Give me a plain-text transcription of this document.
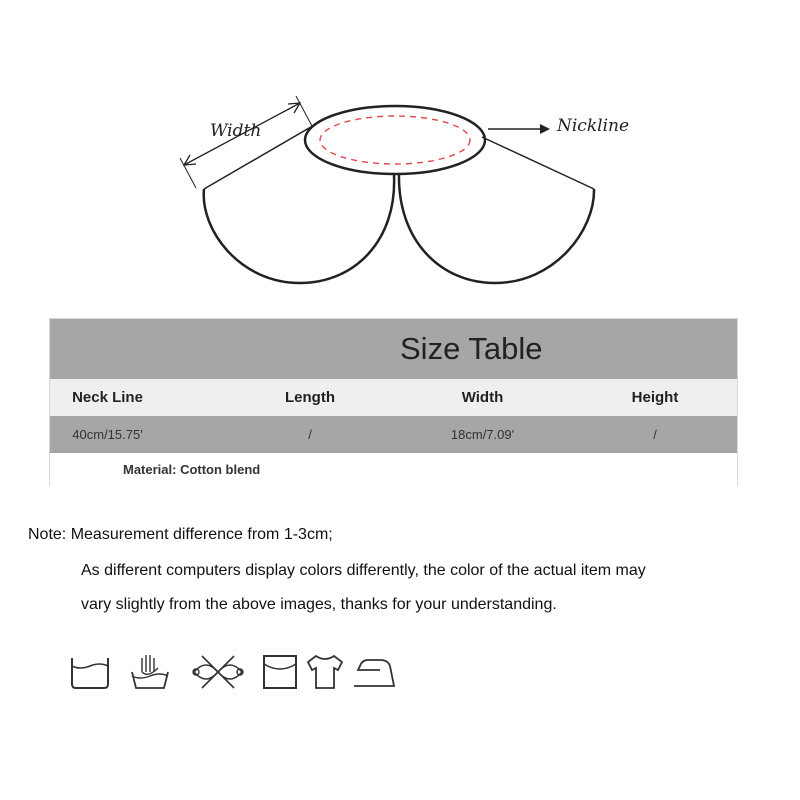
Width	Nickline
Size Table
Neck Line	Length	Width	Height
40cm/15.75'	/	18cm/7.09'	/
Material: Cotton blend
Note: Measurement difference from 1-3cm;
As different computers display colors differently, the color of the actual item may
vary slightly from the above images, thanks for your understanding.
